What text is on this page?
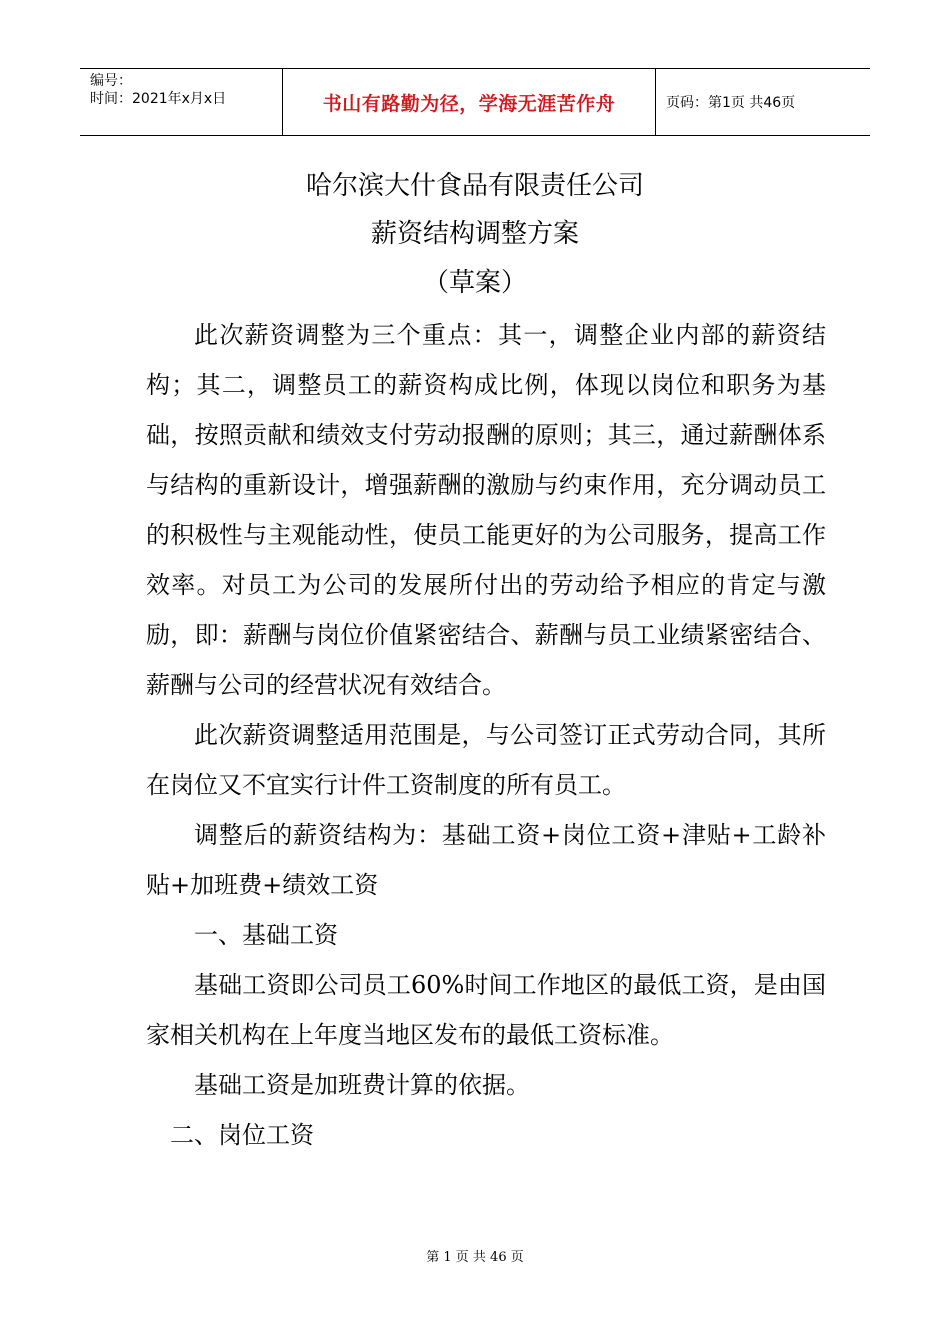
编号：
时间：2021年x月x日	书山有路勤为径，学海无涯苦作舟	页码：第1页 共46页
哈尔滨大什食品有限责任公司
薪资结构调整方案
（草案）

此次薪资调整为三个重点：其一，调整企业内部的薪资结构；其二，调整员工的薪资构成比例，体现以岗位和职务为基础，按照贡献和绩效支付劳动报酬的原则；其三，通过薪酬体系与结构的重新设计，增强薪酬的激励与约束作用，充分调动员工的积极性与主观能动性，使员工能更好的为公司服务，提高工作效率。对员工为公司的发展所付出的劳动给予相应的肯定与激励，即：薪酬与岗位价值紧密结合、薪酬与员工业绩紧密结合、薪酬与公司的经营状况有效结合。

此次薪资调整适用范围是，与公司签订正式劳动合同，其所在岗位又不宜实行计件工资制度的所有员工。

调整后的薪资结构为：基础工资+岗位工资+津贴+工龄补贴+加班费+绩效工资

一、基础工资

基础工资即公司员工60%时间工作地区的最低工资，是由国家相关机构在上年度当地区发布的最低工资标准。

基础工资是加班费计算的依据。

二、岗位工资

第 1 页 共 46 页
